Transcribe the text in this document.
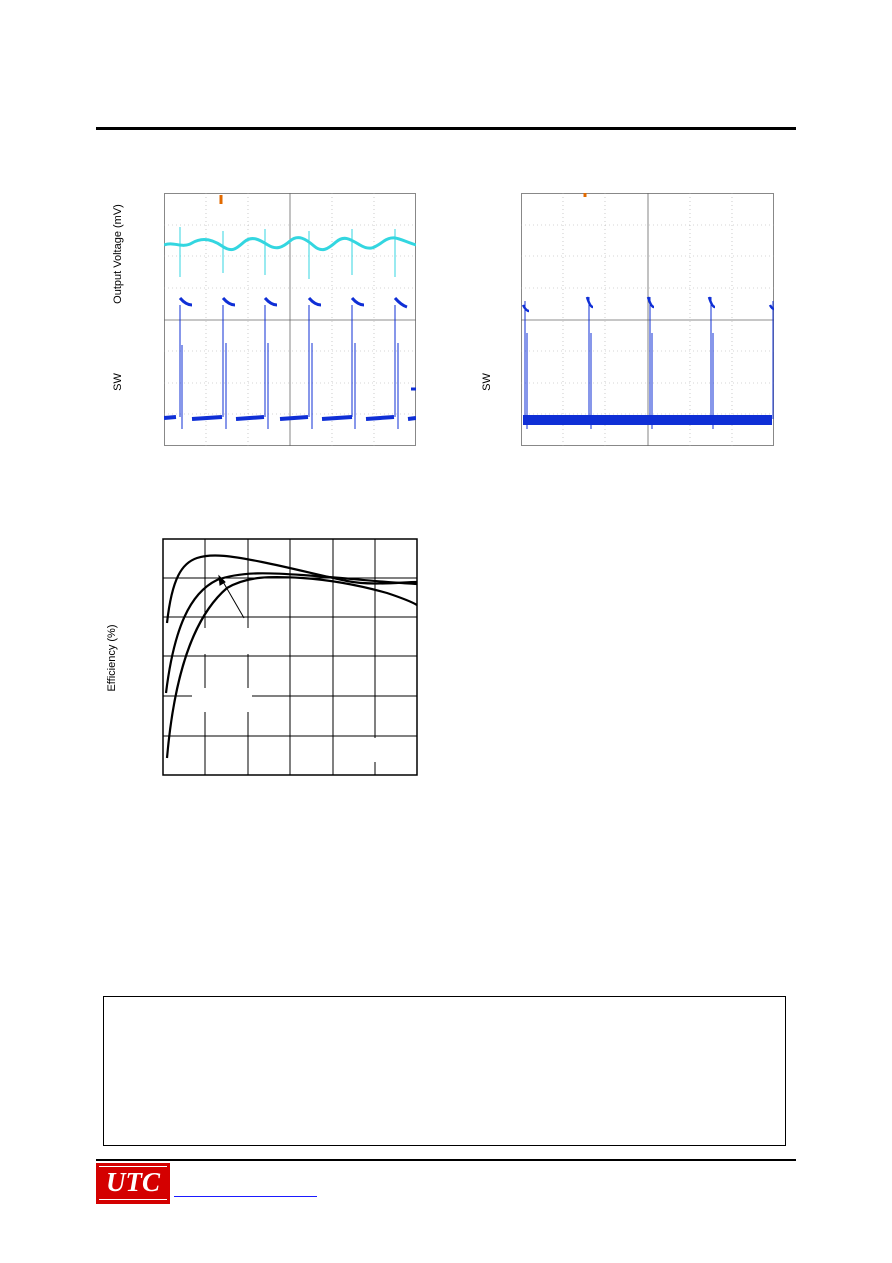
Output Voltage (mV)
SW	SW
Efficiency (%)
UTC
